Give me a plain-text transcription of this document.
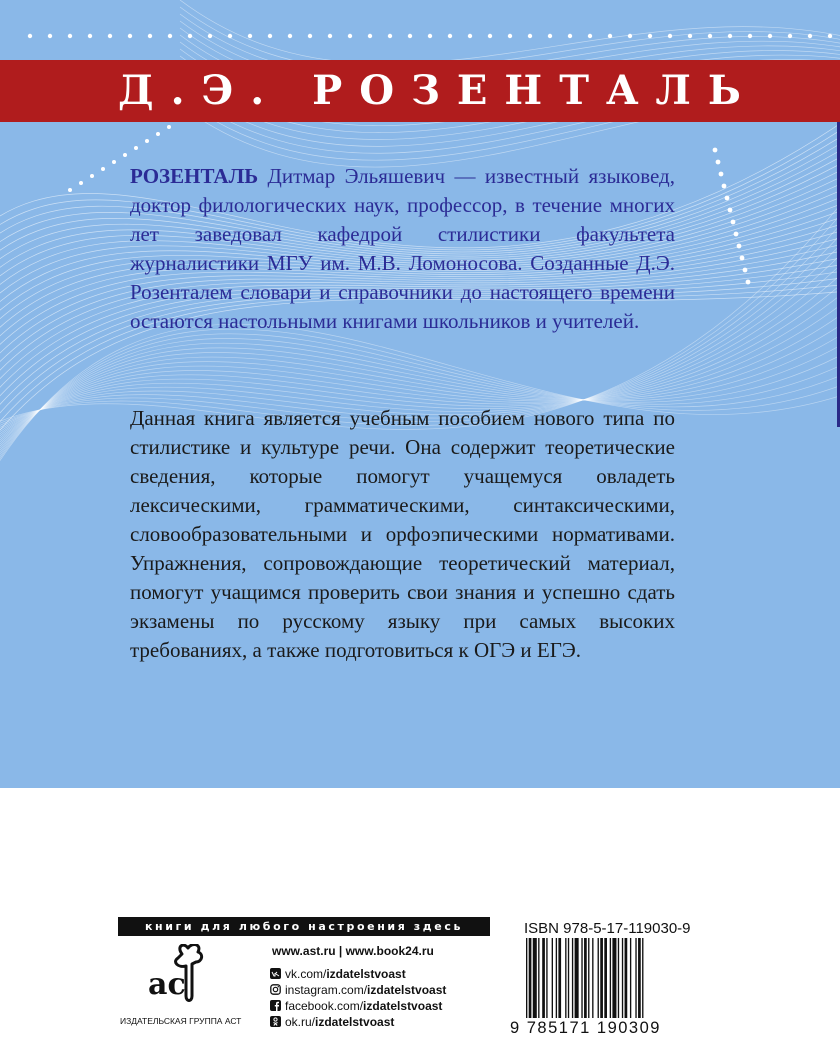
Д.Э. РОЗЕНТАЛЬ
РОЗЕНТАЛЬ Дитмар Эльяшевич — известный языковед, доктор филологических наук, профессор, в течение многих лет заведовал кафедрой стилистики факультета журналистики МГУ им. М.В. Ломоносова. Созданные Д.Э. Розенталем словари и справочники до настоящего времени остаются настольными книгами школьников и учителей.
Данная книга является учебным пособием нового типа по стилистике и культуре речи. Она содержит теоретические сведения, которые помогут учащемуся овладеть лексическими, грамматическими, синтаксическими, словообразовательными и орфоэпическими нормативами. Упражнения, сопровождающие теоретический материал, помогут учащимся проверить свои знания и успешно сдать экзамены по русскому языку при самых высоких требованиях, а также подготовиться к ОГЭ и ЕГЭ.
книги для любого настроения здесь
ac
www.ast.ru | www.book24.ru
vk.com/ izdatelstvoast
instagram.com/ izdatelstvoast
facebook.com/ izdatelstvoast
ok.ru/ izdatelstvoast
ИЗДАТЕЛЬСКАЯ ГРУППА АСТ
ISBN 978-5-17-119030-9
9 785171 190309
